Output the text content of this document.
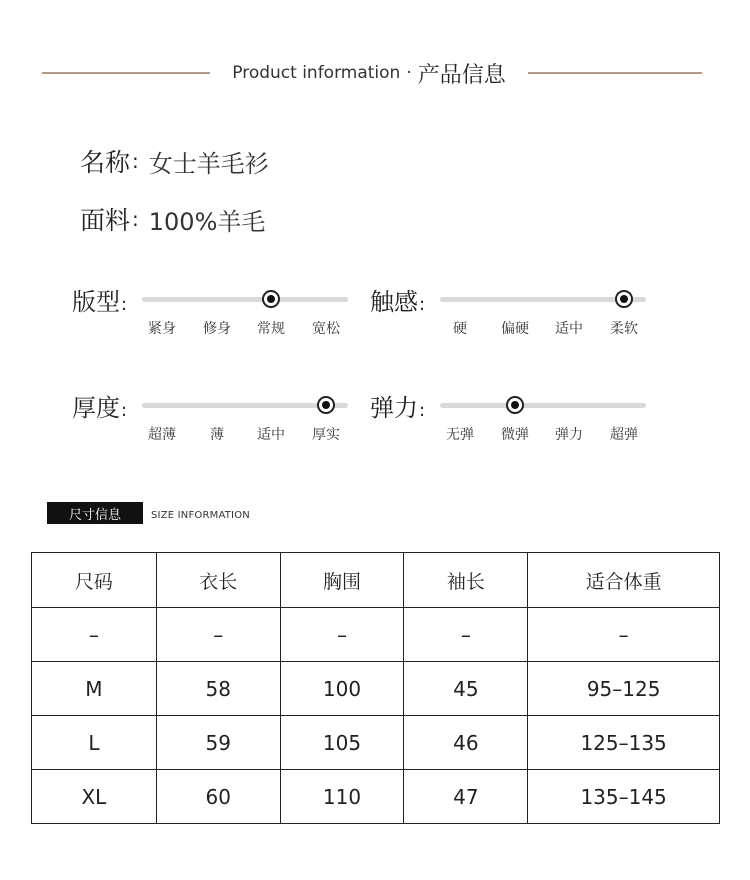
Product information · 产品信息
名称 : 女士羊毛衫
面料 : 100%羊毛
版型:
紧身 修身 常规 宽松
触感:
硬 偏硬 适中 柔软
厚度:
超薄 薄 适中 厚实
弹力:
无弹 微弹 弹力 超弹
尺寸信息	SIZE INFORMATION
尺码	衣长	胸围	袖长	适合体重
–	–	–	–	–
M	58	100	45	95–125
L	59	105	46	125–135
XL	60	110	47	135–145
